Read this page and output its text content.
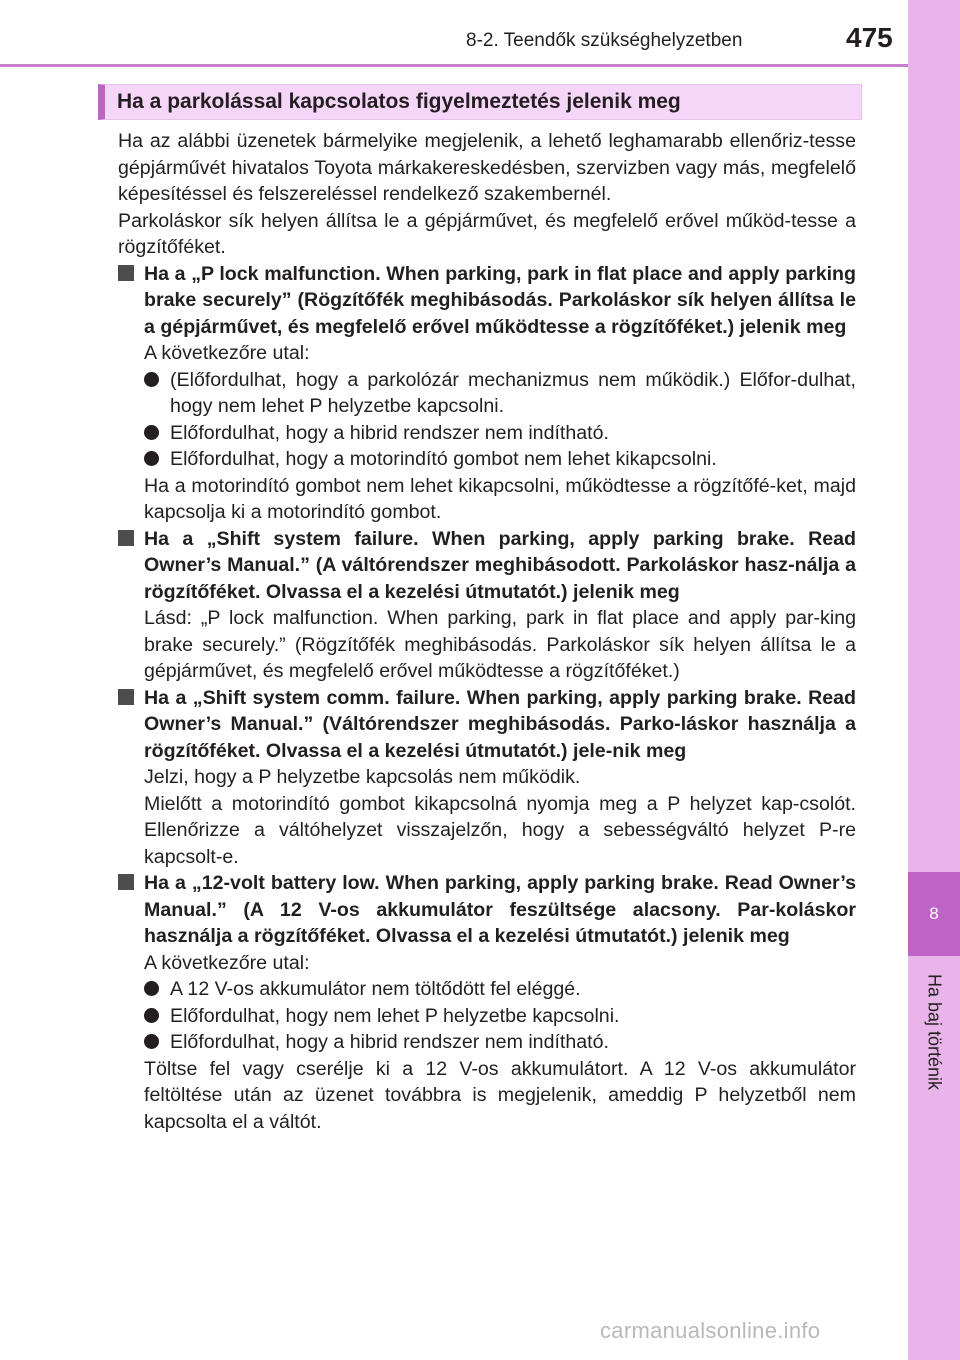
8-2. Teendők szükséghelyzetben	475
8
Ha baj történik
Ha a parkolással kapcsolatos figyelmeztetés jelenik meg
Ha az alábbi üzenetek bármelyike megjelenik, a lehető leghamarabb ellenőriz-tesse gépjárművét hivatalos Toyota márkakereskedésben, szervizben vagy más, megfelelő képesítéssel és felszereléssel rendelkező szakembernél.
Parkoláskor sík helyen állítsa le a gépjárművet, és megfelelő erővel működ-tesse a rögzítőféket.
Ha a „P lock malfunction. When parking, park in flat place and apply parking brake securely” (Rögzítőfék meghibásodás. Parkoláskor sík helyen állítsa le a gépjárművet, és megfelelő erővel működtesse a rögzítőféket.) jelenik meg
A következőre utal:
(Előfordulhat, hogy a parkolózár mechanizmus nem működik.) Előfor-dulhat, hogy nem lehet P helyzetbe kapcsolni.
Előfordulhat, hogy a hibrid rendszer nem indítható.
Előfordulhat, hogy a motorindító gombot nem lehet kikapcsolni.
Ha a motorindító gombot nem lehet kikapcsolni, működtesse a rögzítőfé-ket, majd kapcsolja ki a motorindító gombot.
Ha a „Shift system failure. When parking, apply parking brake. Read Owner’s Manual.” (A váltórendszer meghibásodott. Parkoláskor hasz-nálja a rögzítőféket. Olvassa el a kezelési útmutatót.) jelenik meg
Lásd: „P lock malfunction. When parking, park in flat place and apply par-king brake securely.” (Rögzítőfék meghibásodás. Parkoláskor sík helyen állítsa le a gépjárművet, és megfelelő erővel működtesse a rögzítőféket.)
Ha a „Shift system comm. failure. When parking, apply parking brake. Read Owner’s Manual.” (Váltórendszer meghibásodás. Parko-láskor használja a rögzítőféket. Olvassa el a kezelési útmutatót.) jele-nik meg
Jelzi, hogy a P helyzetbe kapcsolás nem működik.
Mielőtt a motorindító gombot kikapcsolná nyomja meg a P helyzet kap-csolót. Ellenőrizze a váltóhelyzet visszajelzőn, hogy a sebességváltó helyzet P-re kapcsolt-e.
Ha a „12-volt battery low. When parking, apply parking brake. Read Owner’s Manual.” (A 12 V-os akkumulátor feszültsége alacsony. Par-koláskor használja a rögzítőféket. Olvassa el a kezelési útmutatót.) jelenik meg
A következőre utal:
A 12 V-os akkumulátor nem töltődött fel eléggé.
Előfordulhat, hogy nem lehet P helyzetbe kapcsolni.
Előfordulhat, hogy a hibrid rendszer nem indítható.
Töltse fel vagy cserélje ki a 12 V-os akkumulátort. A 12 V-os akkumulátor feltöltése után az üzenet továbbra is megjelenik, ameddig P helyzetből nem kapcsolta el a váltót.
carmanualsonline.info
